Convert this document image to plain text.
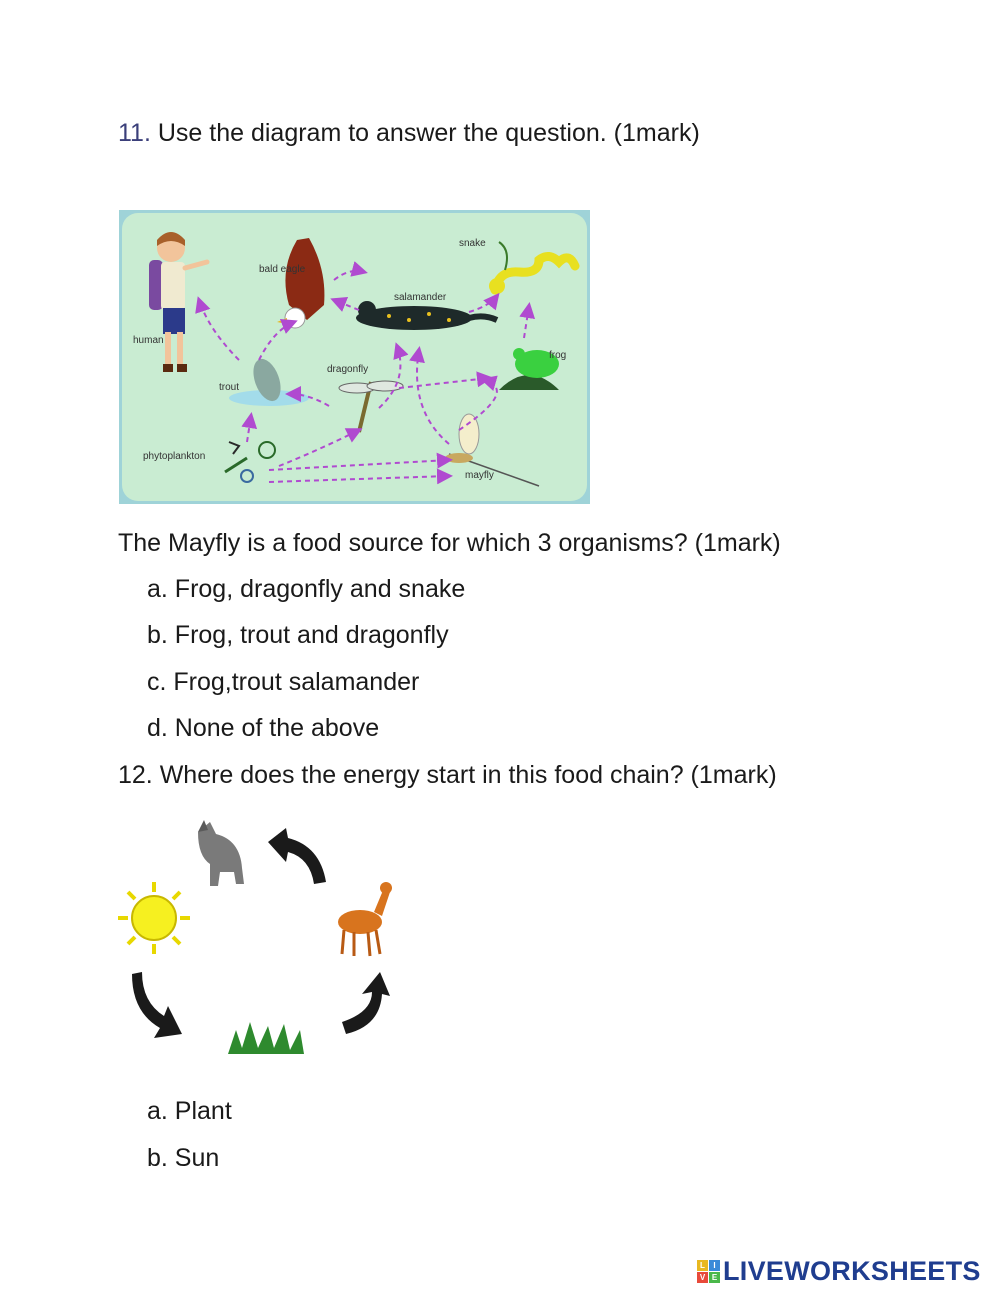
11. Use the diagram to answer the question. (1mark)
human
bald eagle
snake
salamander
frog
trout
dragonfly
phytoplankton
mayfly
The Mayfly is a food source for which 3 organisms? (1mark)
a. Frog, dragonfly and snake
b. Frog, trout and dragonfly
c. Frog,trout salamander
d. None of the above
12. Where does the energy start in this food chain? (1mark)
a. Plant
b. Sun
L	I
V E LIVEWORKSHEETS
